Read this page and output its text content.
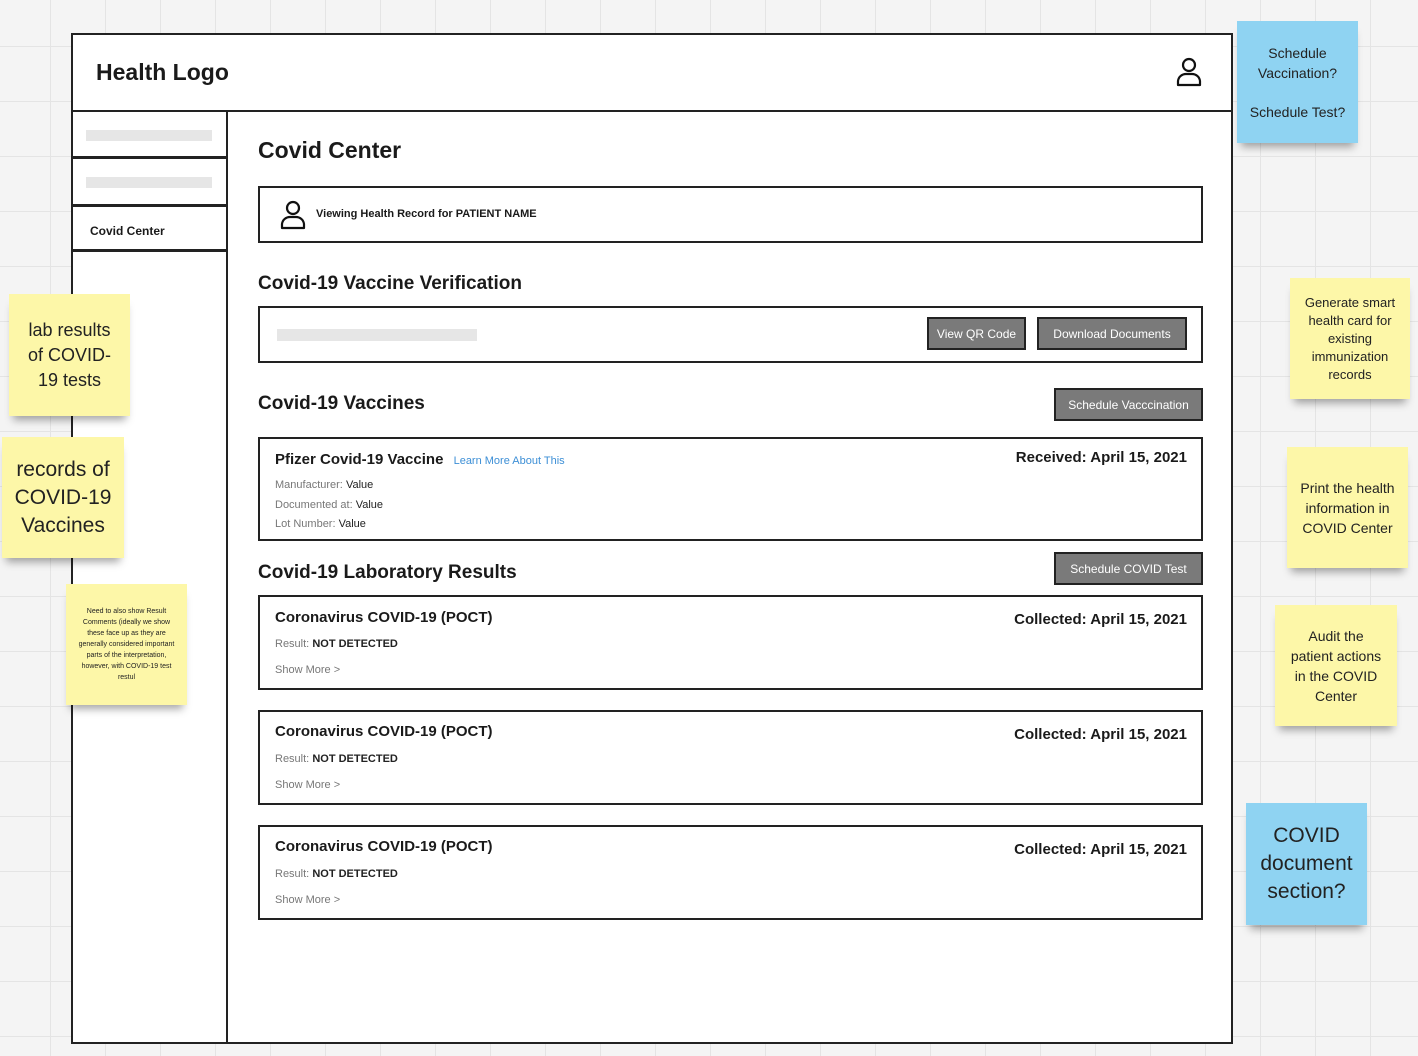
Health Logo
Covid Center
Covid Center
Viewing Health Record for PATIENT NAME
Covid-19 Vaccine Verification
View QR Code	Download Documents
Covid-19 Vaccines	Schedule Vacccination
Pfizer Covid-19 Vaccine Learn More About This	Received: April 15, 2021
Manufacturer: Value
Documented at: Value
Lot Number: Value
Covid-19 Laboratory Results	Schedule COVID Test
Coronavirus COVID-19 (POCT)	Collected: April 15, 2021
Result: NOT DETECTED
Show More >
Coronavirus COVID-19 (POCT)	Collected: April 15, 2021
Result: NOT DETECTED
Show More >
Coronavirus COVID-19 (POCT)	Collected: April 15, 2021
Result: NOT DETECTED
Show More >
Schedule Vaccination?
Schedule Test?
lab results of COVID-19 tests
records of COVID-19 Vaccines
Need to also show Result Comments (ideally we show these face up as they are generally considered important parts of the interpretation, however, with COVID-19 test restul
Generate smart health card for existing immunization records
Print the health information in COVID Center
Audit the patient actions in the COVID Center
COVID document section?
